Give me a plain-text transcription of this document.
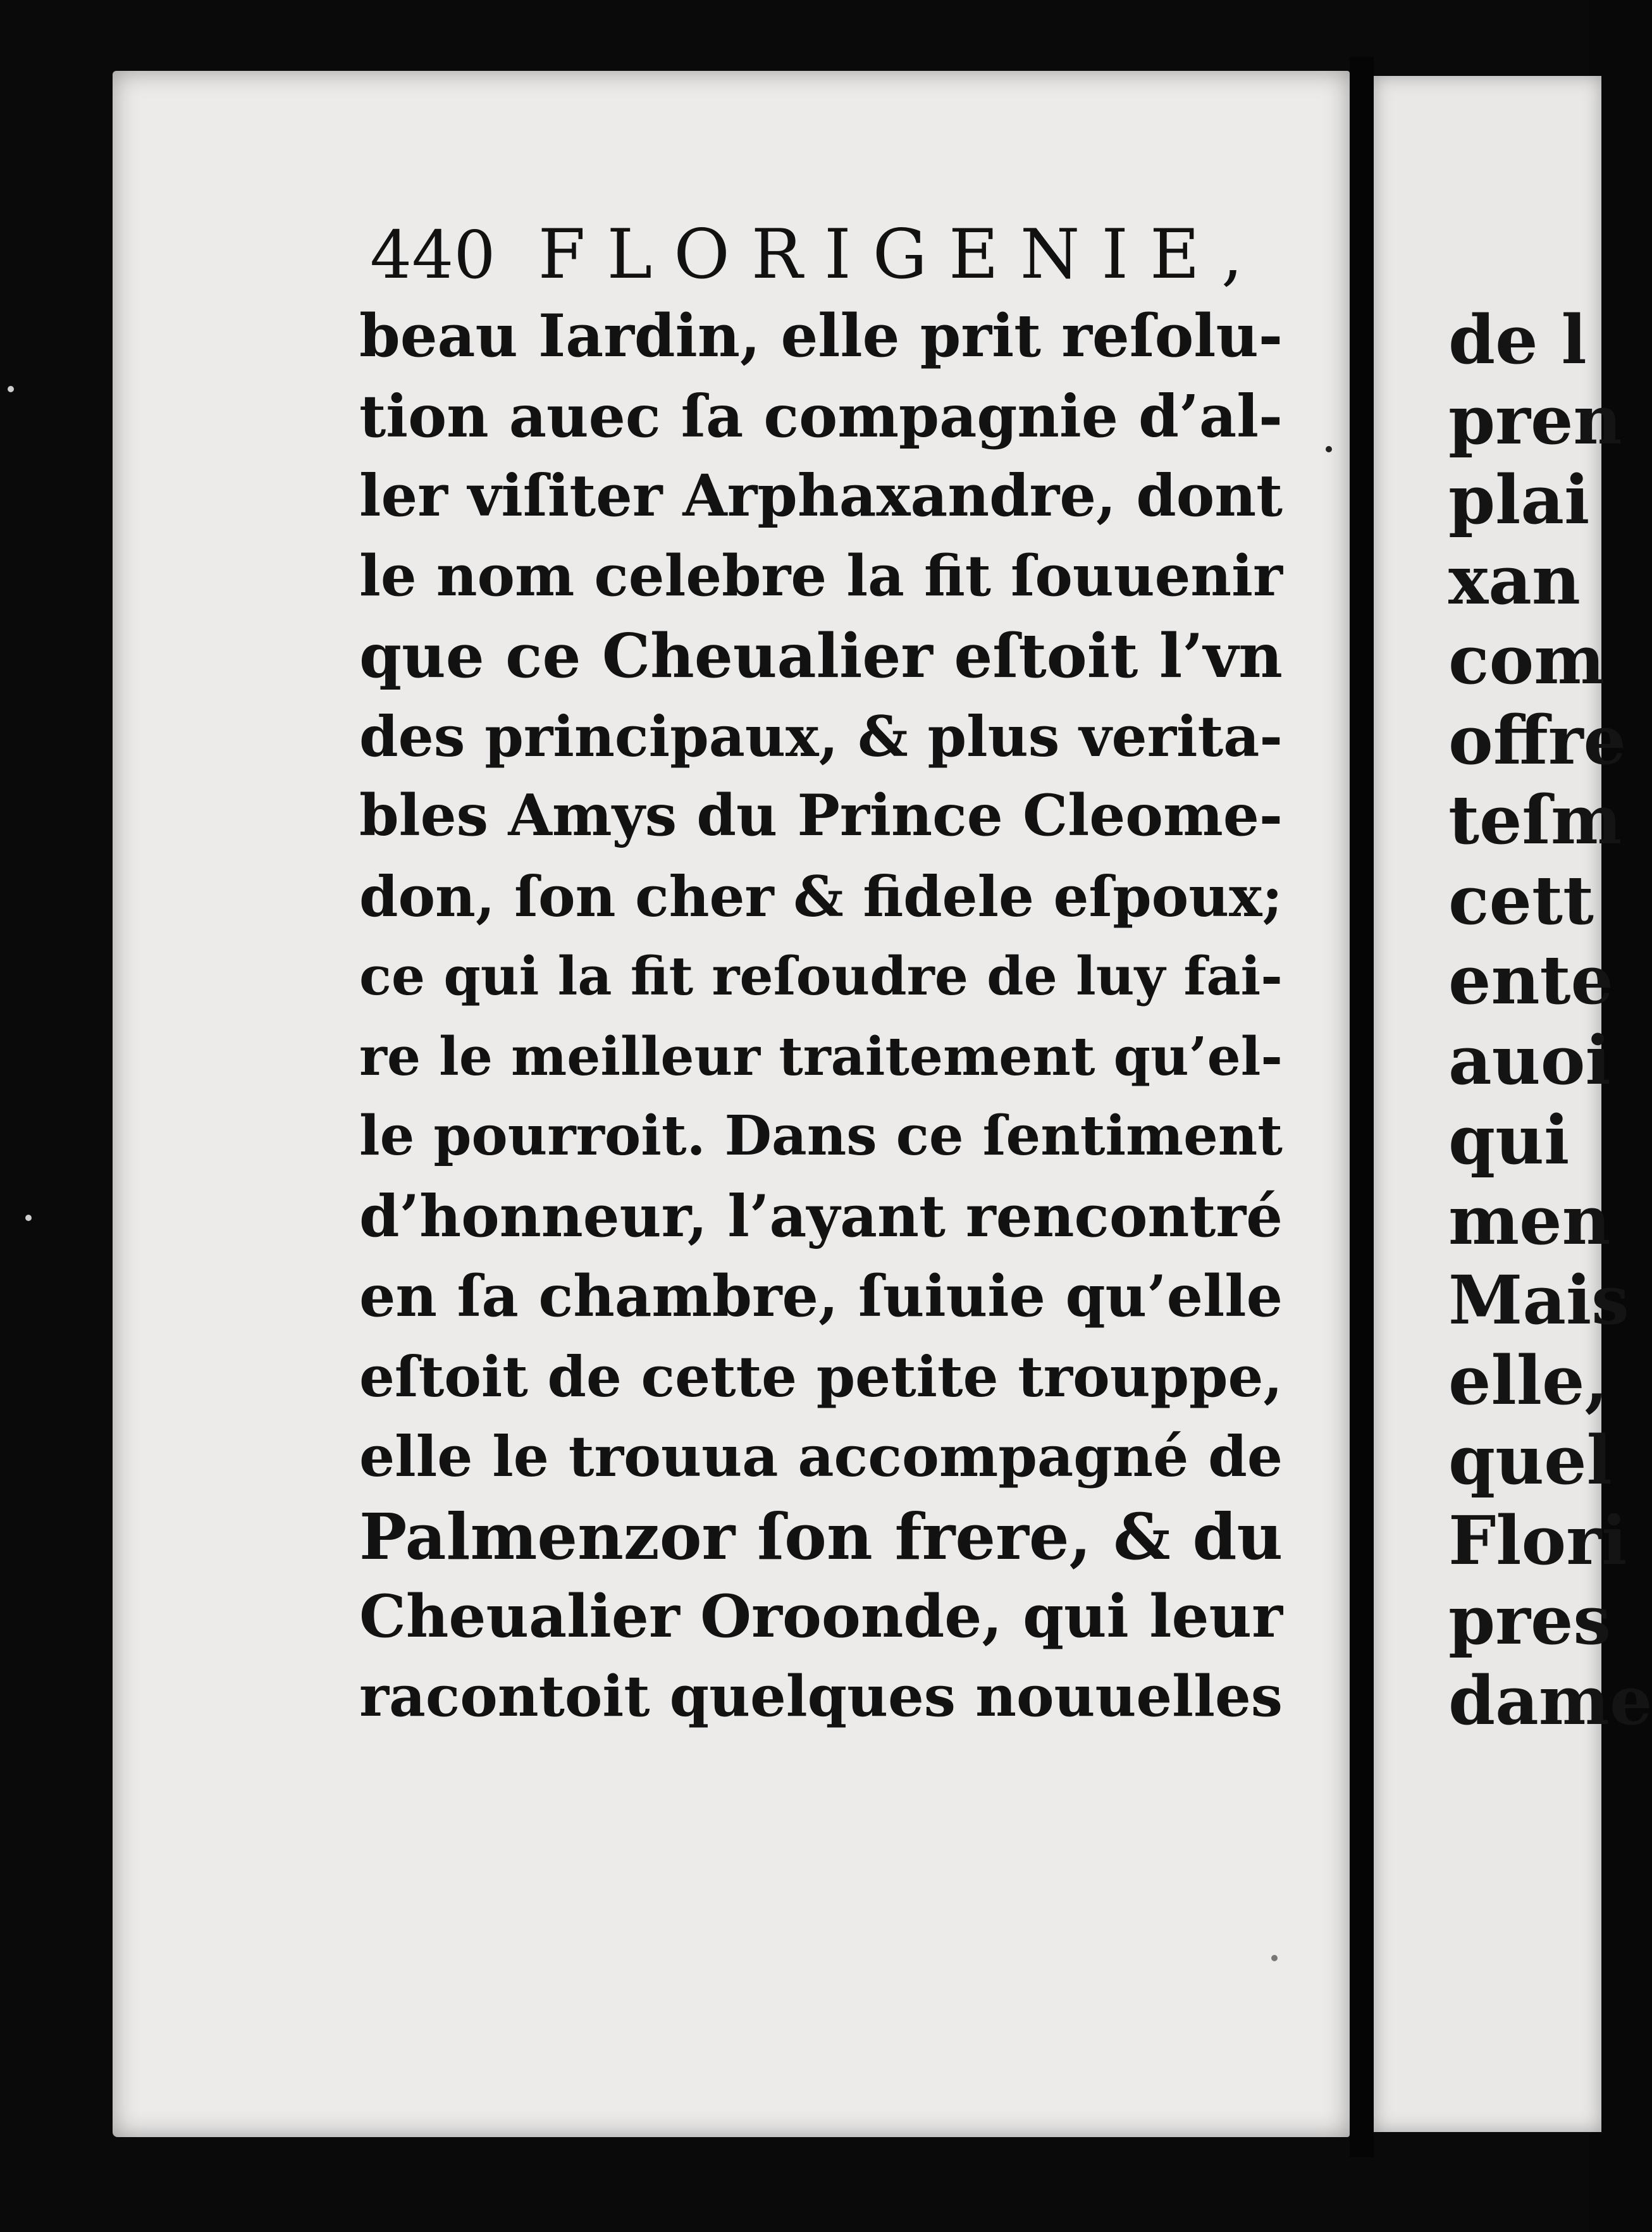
440 FLORIGENIE,
beau Iardin, elle prit reſolu-
tion auec ſa compagnie d’al-
ler viſiter Arphaxandre, dont
le nom celebre la fit ſouuenir
que ce Cheualier eſtoit l’vn
des principaux, & plus verita-
bles Amys du Prince Cleome-
don, ſon cher & fidele eſpoux;
ce qui la fit reſoudre de luy fai-
re le meilleur traitement qu’el-
le pourroit. Dans ce ſentiment
d’honneur, l’ayant rencontré
en ſa chambre, ſuiuie qu’elle
eſtoit de cette petite trouppe,
elle le trouua accompagné de
Palmenzor ſon frere, & du
Cheualier Oroonde, qui leur
racontoit quelques nouuelles
de l
pren
plai
xan
com
offre
teſm
cett
ente
auoi
qui
men
Mais
elle,
quel
Flori
pres
dame
